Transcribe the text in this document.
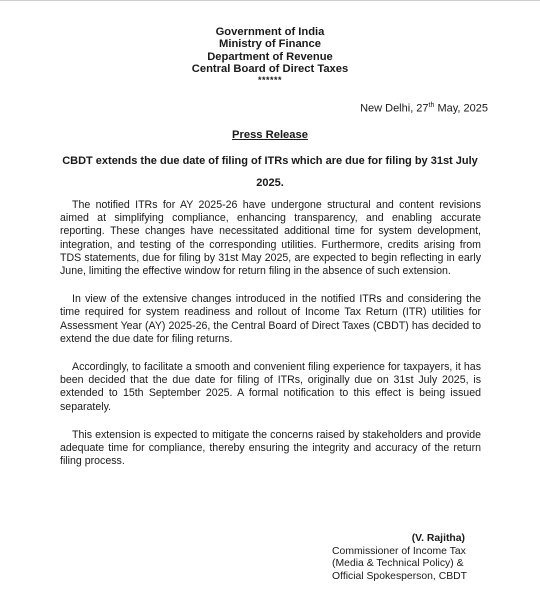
Government of India
Ministry of Finance
Department of Revenue
Central Board of Direct Taxes
******
New Delhi, 27th May, 2025
Press Release
CBDT extends the due date of filing of ITRs which are due for filing by 31st July 2025.

The notified ITRs for AY 2025-26 have undergone structural and content revisions aimed at simplifying compliance, enhancing transparency, and enabling accurate reporting. These changes have necessitated additional time for system development, integration, and testing of the corresponding utilities. Furthermore, credits arising from TDS statements, due for filing by 31st May 2025, are expected to begin reflecting in early June, limiting the effective window for return filing in the absence of such extension.

In view of the extensive changes introduced in the notified ITRs and considering the time required for system readiness and rollout of Income Tax Return (ITR) utilities for Assessment Year (AY) 2025-26, the Central Board of Direct Taxes (CBDT) has decided to extend the due date for filing returns.

Accordingly, to facilitate a smooth and convenient filing experience for taxpayers, it has been decided that the due date for filing of ITRs, originally due on 31st July 2025, is extended to 15th September 2025. A formal notification to this effect is being issued separately.

This extension is expected to mitigate the concerns raised by stakeholders and provide adequate time for compliance, thereby ensuring the integrity and accuracy of the return filing process.

(V. Rajitha)
Commissioner of Income Tax
(Media & Technical Policy) &
Official Spokesperson, CBDT
